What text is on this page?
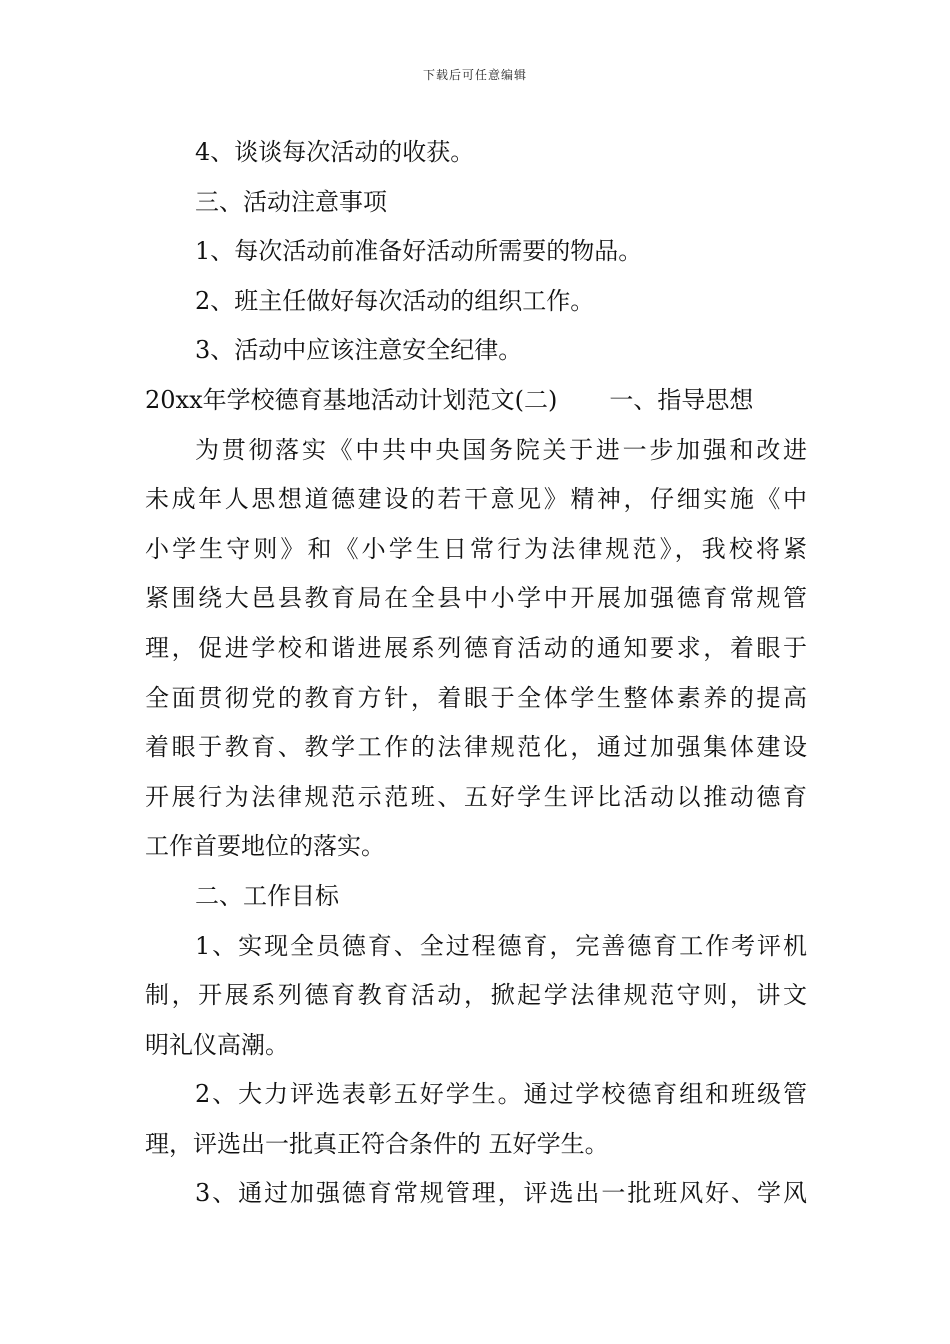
下载后可任意编辑
4、谈谈每次活动的收获。
三、活动注意事项
1、每次活动前准备好活动所需要的物品。
2、班主任做好每次活动的组织工作。
3、活动中应该注意安全纪律。
20xx年学校德育基地活动计划范文(二) 一、指导思想
为贯彻落实《中共中央国务院关于进一步加强和改进
未成年人思想道德建设的若干意见》精神，仔细实施《中
小学生守则》和《小学生日常行为法律规范》，我校将紧
紧围绕大邑县教育局在全县中小学中开展加强德育常规管
理，促进学校和谐进展系列德育活动的通知要求，着眼于
全面贯彻党的教育方针，着眼于全体学生整体素养的提高
着眼于教育、教学工作的法律规范化，通过加强集体建设
开展行为法律规范示范班、五好学生评比活动以推动德育
工作首要地位的落实。
二、工作目标
1、实现全员德育、全过程德育，完善德育工作考评机
制，开展系列德育教育活动，掀起学法律规范守则，讲文
明礼仪高潮。
2、大力评选表彰五好学生。通过学校德育组和班级管
理，评选出一批真正符合条件的 五好学生。
3、通过加强德育常规管理，评选出一批班风好、学风
